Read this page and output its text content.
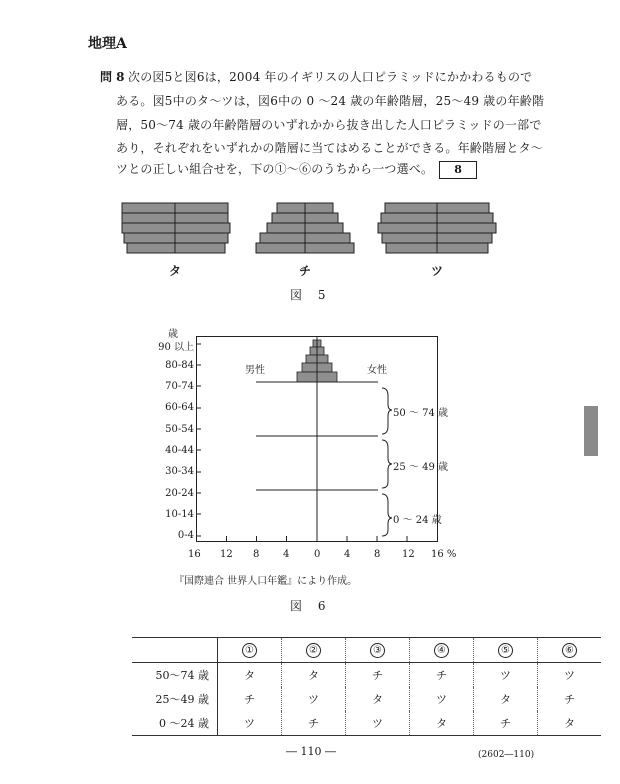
地理A
問 8 次の図5と図6は，2004 年のイギリスの人口ピラミッドにかかわるもので
ある。図5中のタ～ツは，図6中の 0 ～24 歳の年齢階層，25～49 歳の年齢階
層，50～74 歳の年齢階層のいずれかから抜き出した人口ピラミッドの一部で
あり，それぞれをいずれかの階層に当てはめることができる。年齢階層とタ～
ツとの正しい組合せを，下の①～⑥のうちから一つ選べ。 8
タ	チ	ツ
図 5
歳
90 以上
80-84
70-74
60-64
50-54
40-44
30-34
20-24
10-14
0-4
男性	女性
50 ～ 74 歳
25 ～ 49 歳
0 ～ 24 歳
16 12 8 4 0 4 8 12 16 %
『国際連合 世界人口年鑑』により作成。
図 6
	①	②	③	④	⑤	⑥
50～74 歳	タ	タ	チ	チ	ツ	ツ
25～49 歳	チ	ツ	タ	ツ	タ	チ
0 ～24 歳	ツ	チ	ツ	タ	チ	タ
― 110 ―	(2602―110)
